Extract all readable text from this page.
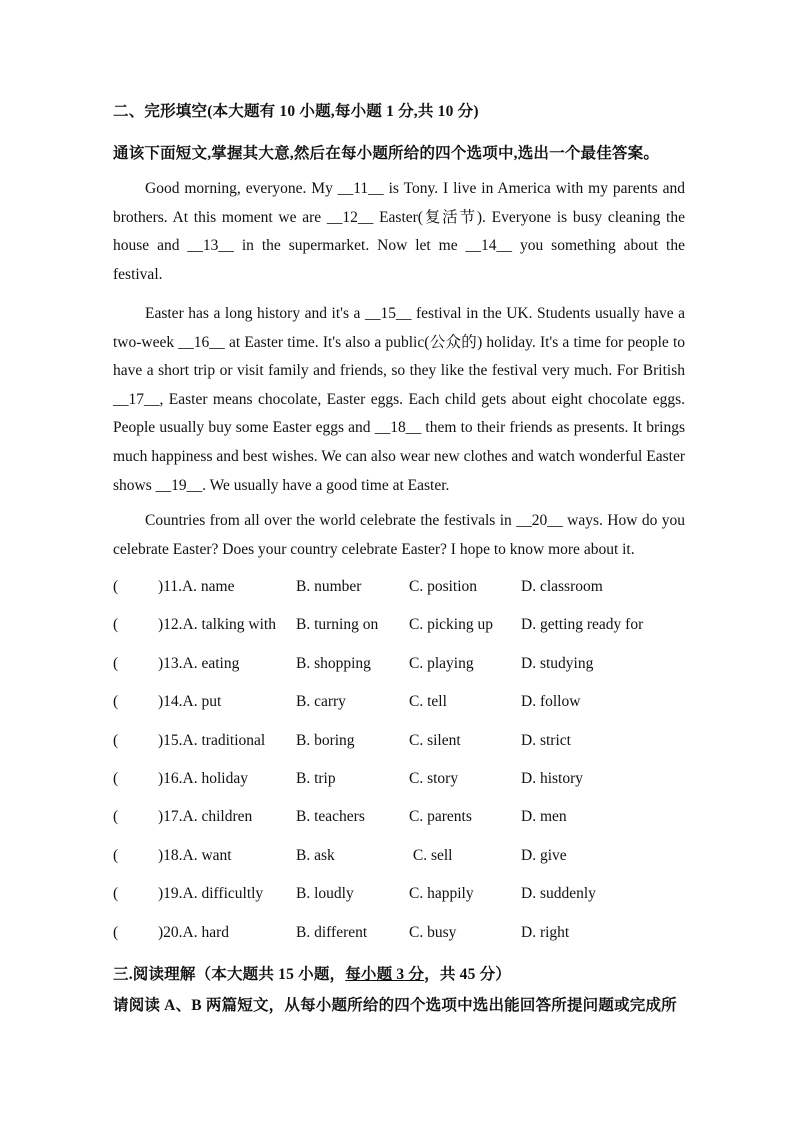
二、完形填空(本大题有 10 小题,每小题 1 分,共 10 分)
通该下面短文,掌握其大意,然后在每小题所给的四个选项中,选出一个最佳答案。

Good morning, everyone. My __11__ is Tony. I live in America with my parents and brothers. At this moment we are __12__ Easter(复活节). Everyone is busy cleaning the house and __13__ in the supermarket. Now let me __14__ you something about the festival.

Easter has a long history and it's a __15__ festival in the UK. Students usually have a two-week __16__ at Easter time. It's also a public(公众的) holiday. It's a time for people to have a short trip or visit family and friends, so they like the festival very much. For British __17__, Easter means chocolate, Easter eggs. Each child gets about eight chocolate eggs. People usually buy some Easter eggs and __18__ them to their friends as presents. It brings much happiness and best wishes. We can also wear new clothes and watch wonderful Easter shows __19__. We usually have a good time at Easter.

Countries from all over the world celebrate the festivals in __20__ ways. How do you celebrate Easter? Does your country celebrate Easter? I hope to know more about it.

(	)11.A. name	B. number	C. position	D. classroom
(	)12.A. talking with B. turning on C. picking up D. getting ready for
(	)13.A. eating	B. shopping C. playing	D. studying
(	)14.A. put	B. carry	C. tell	D. follow
(	)15.A. traditional B. boring	C. silent	D. strict
(	)16.A. holiday	B. trip	C. story	D. history
(	)17.A. children	B. teachers	C. parents	D. men
(	)18.A. want	B. ask	C. sell	D. give
(	)19.A. difficultly B. loudly	C. happily	D. suddenly
(	)20.A. hard	B. different	C. busy	D. right
三.阅读理解（本大题共 15 小题，每小题 3 分，共 45 分）
请阅读 A、B 两篇短文，从每小题所给的四个选项中选出能回答所提问题或完成所
